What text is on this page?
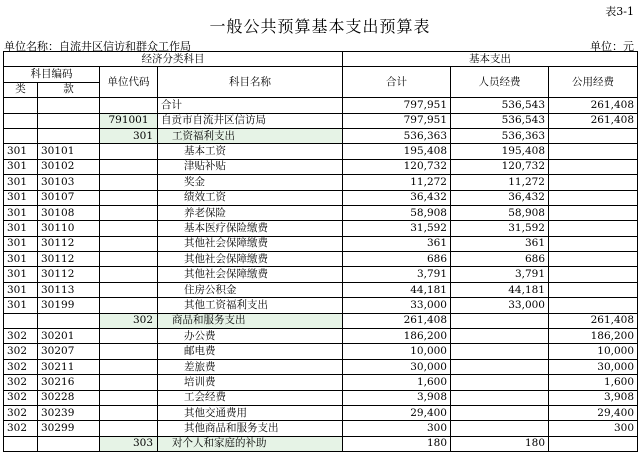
表3-1
一般公共预算基本支出预算表
单位名称：自流井区信访和群众工作局	单位：元
经济分类科目				基本支出		
科目编码		单位代码	科目名称	合计	人员经费	公用经费
类	款					
			合计	797,951	536,543	261,408
		791001	自贡市自流井区信访局	797,951	536,543	261,408
		301	工资福利支出	536,363	536,363	
301	30101		基本工资	195,408	195,408	
301	30102		津贴补贴	120,732	120,732	
301	30103		奖金	11,272	11,272	
301	30107		绩效工资	36,432	36,432	
301	30108		养老保险	58,908	58,908	
301	30110		基本医疗保险缴费	31,592	31,592	
301	30112		其他社会保障缴费	361	361	
301	30112		其他社会保障缴费	686	686	
301	30112		其他社会保障缴费	3,791	3,791	
301	30113		住房公积金	44,181	44,181	
301	30199		其他工资福利支出	33,000	33,000	
		302	商品和服务支出	261,408		261,408
302	30201		办公费	186,200		186,200
302	30207		邮电费	10,000		10,000
302	30211		差旅费	30,000		30,000
302	30216		培训费	1,600		1,600
302	30228		工会经费	3,908		3,908
302	30239		其他交通费用	29,400		29,400
302	30299		其他商品和服务支出	300		300
		303	对个人和家庭的补助	180	180	
